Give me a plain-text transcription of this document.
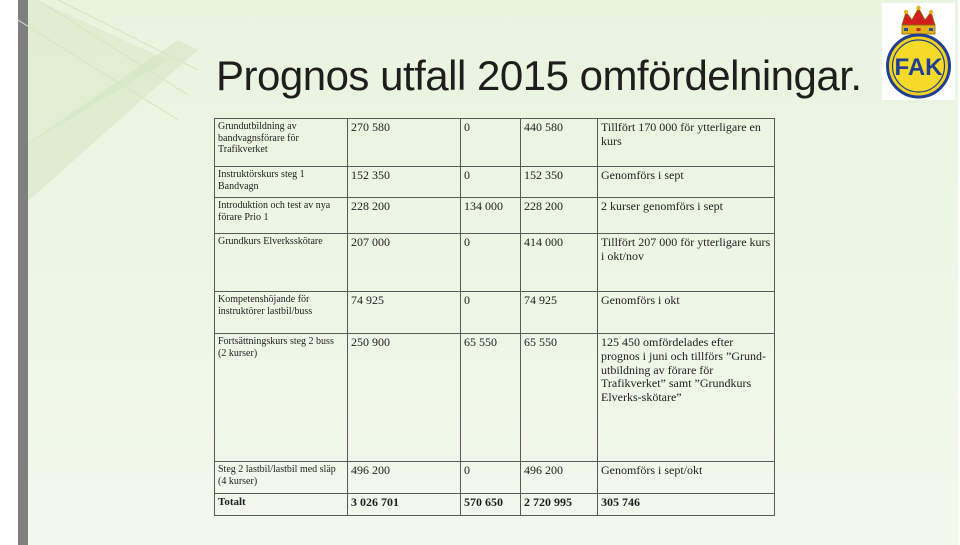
Prognos utfall 2015 omfördelningar. FAK
Grundutbildning av bandvagnsförare för Trafikverket	270 580	0	440 580	Tillfört 170 000 för ytterligare en kurs
Instruktörskurs steg 1 Bandvagn	152 350	0	152 350	Genomförs i sept
Introduktion och test av nya förare Prio 1	228 200	134 000	228 200	2 kurser genomförs i sept
Grundkurs Elverksskötare	207 000	0	414 000	Tillfört 207 000 för ytterligare kurs i okt/nov
Kompetenshöjande för instruktörer lastbil/buss	74 925	0	74 925	Genomförs i okt
Fortsättningskurs steg 2 buss (2 kurser)	250 900	65 550	65 550	125 450 omfördelades efter prognos i juni och tillförs ”Grund-utbildning av förare för Trafikverket” samt ”Grundkurs Elverks-skötare”
Steg 2 lastbil/lastbil med släp (4 kurser)	496 200	0	496 200	Genomförs i sept/okt
Totalt	3 026 701	570 650	2 720 995	305 746
